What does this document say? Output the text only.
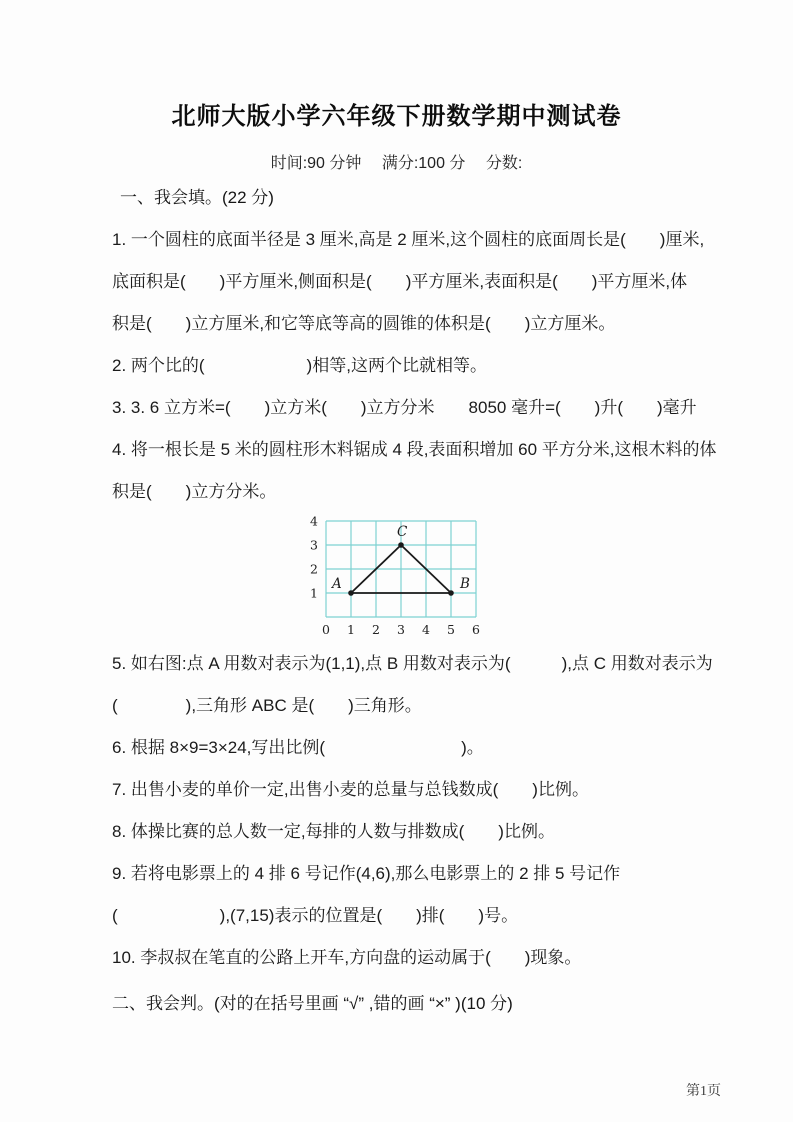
北师大版小学六年级下册数学期中测试卷
时间:90 分钟　 满分:100 分　 分数:
一、我会填。(22 分)
1. 一个圆柱的底面半径是 3 厘米,高是 2 厘米,这个圆柱的底面周长是(　　)厘米,
底面积是(　　)平方厘米,侧面积是(　　)平方厘米,表面积是(　　)平方厘米,体
积是(　　)立方厘米,和它等底等高的圆锥的体积是(　　)立方厘米。
2. 两个比的(　　　　　　)相等,这两个比就相等。
3. 3. 6 立方米=(　　)立方米(　　)立方分米　　8050 毫升=(　　)升(　　)毫升
4. 将一根长是 5 米的圆柱形木料锯成 4 段,表面积增加 60 平方分米,这根木料的体
积是(　　)立方分米。
0 1 2 3 4 5 6
1
2
3
4
A	B
C
5. 如右图:点 A 用数对表示为(1,1),点 B 用数对表示为(　　　),点 C 用数对表示为
(　　　　),三角形 ABC 是(　　)三角形。
6. 根据 8×9=3×24,写出比例(　　　　　　　　)。
7. 出售小麦的单价一定,出售小麦的总量与总钱数成(　　)比例。
8. 体操比赛的总人数一定,每排的人数与排数成(　　)比例。
9. 若将电影票上的 4 排 6 号记作(4,6),那么电影票上的 2 排 5 号记作
(　　　　　　),(7,15)表示的位置是(　　)排(　　)号。
10. 李叔叔在笔直的公路上开车,方向盘的运动属于(　　)现象。
二、我会判。(对的在括号里画 “√” ,错的画 “×” )(10 分)
第1页
